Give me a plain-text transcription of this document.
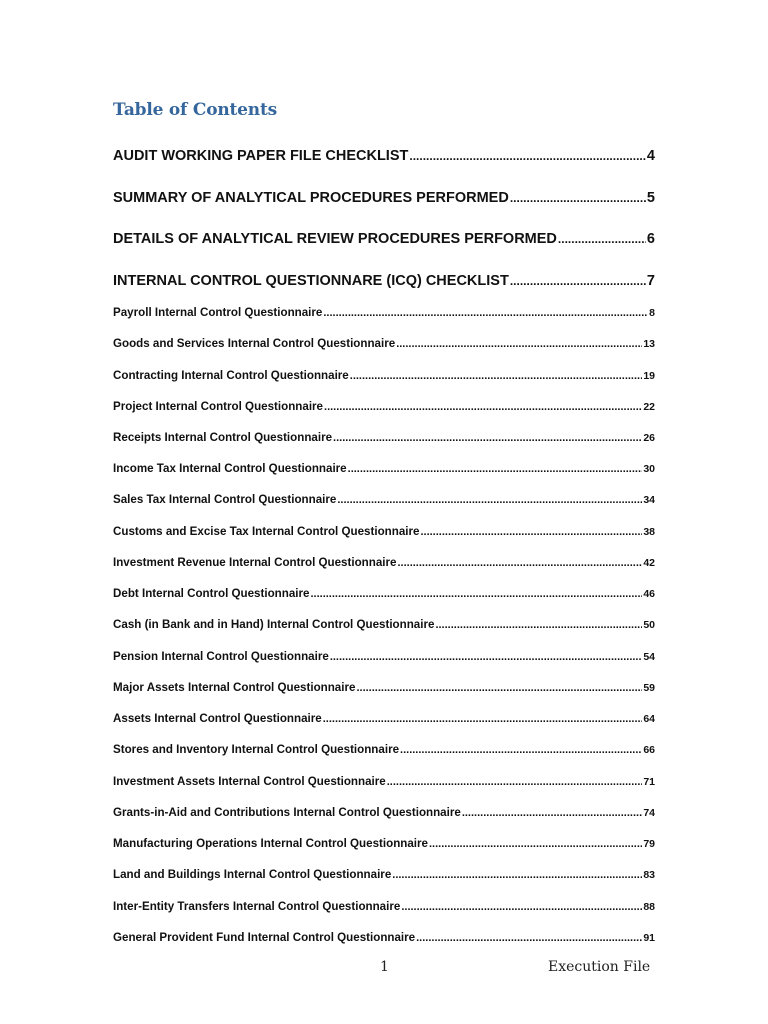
Table of Contents
AUDIT WORKING PAPER FILE CHECKLIST .....	4
SUMMARY OF ANALYTICAL PROCEDURES PERFORMED .....	5
DETAILS OF ANALYTICAL REVIEW PROCEDURES PERFORMED .....	6
INTERNAL CONTROL QUESTIONNARE (ICQ) CHECKLIST .....	7
Payroll Internal Control Questionnaire .....	8
Goods and Services Internal Control Questionnaire .....	13
Contracting Internal Control Questionnaire .....	19
Project Internal Control Questionnaire .....	22
Receipts Internal Control Questionnaire .....	26
Income Tax Internal Control Questionnaire .....	30
Sales Tax Internal Control Questionnaire .....	34
Customs and Excise Tax Internal Control Questionnaire .....	38
Investment Revenue Internal Control Questionnaire .....	42
Debt Internal Control Questionnaire .....	46
Cash (in Bank and in Hand) Internal Control Questionnaire .....	50
Pension Internal Control Questionnaire .....	54
Major Assets Internal Control Questionnaire .....	59
Assets Internal Control Questionnaire .....	64
Stores and Inventory Internal Control Questionnaire .....	66
Investment Assets Internal Control Questionnaire .....	71
Grants-in-Aid and Contributions Internal Control Questionnaire .....	74
Manufacturing Operations Internal Control Questionnaire .....	79
Land and Buildings Internal Control Questionnaire .....	83
Inter-Entity Transfers Internal Control Questionnaire .....	88
General Provident Fund Internal Control Questionnaire .....	91
1	Execution File
